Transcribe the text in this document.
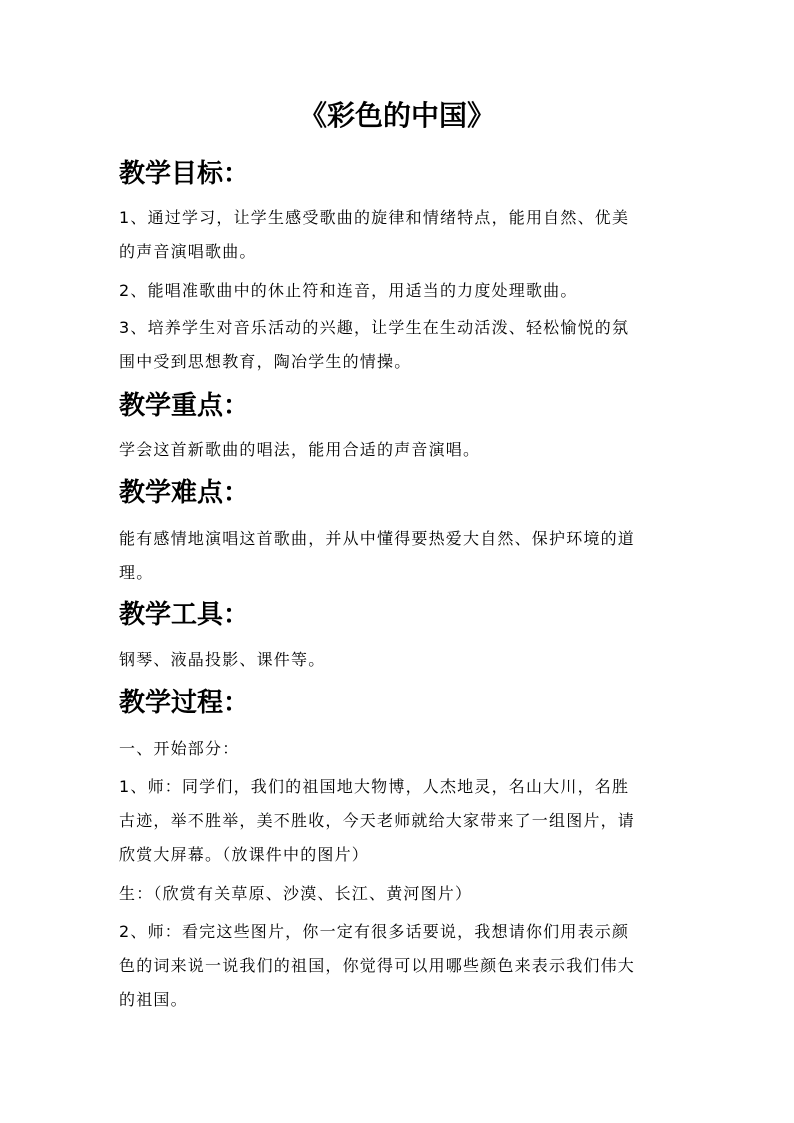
《彩色的中国》
教学目标：
1、通过学习，让学生感受歌曲的旋律和情绪特点，能用自然、优美
的声音演唱歌曲。
2、能唱准歌曲中的休止符和连音，用适当的力度处理歌曲。
3、培养学生对音乐活动的兴趣，让学生在生动活泼、轻松愉悦的氛
围中受到思想教育，陶冶学生的情操。
教学重点：
学会这首新歌曲的唱法，能用合适的声音演唱。
教学难点：
能有感情地演唱这首歌曲，并从中懂得要热爱大自然、保护环境的道
理。
教学工具：
钢琴、液晶投影、课件等。
教学过程：
一、开始部分：
1、师：同学们，我们的祖国地大物博，人杰地灵，名山大川，名胜
古迹，举不胜举，美不胜收，今天老师就给大家带来了一组图片，请
欣赏大屏幕。（放课件中的图片）
生：（欣赏有关草原、沙漠、长江、黄河图片）
2、师：看完这些图片，你一定有很多话要说，我想请你们用表示颜
色的词来说一说我们的祖国，你觉得可以用哪些颜色来表示我们伟大
的祖国。
